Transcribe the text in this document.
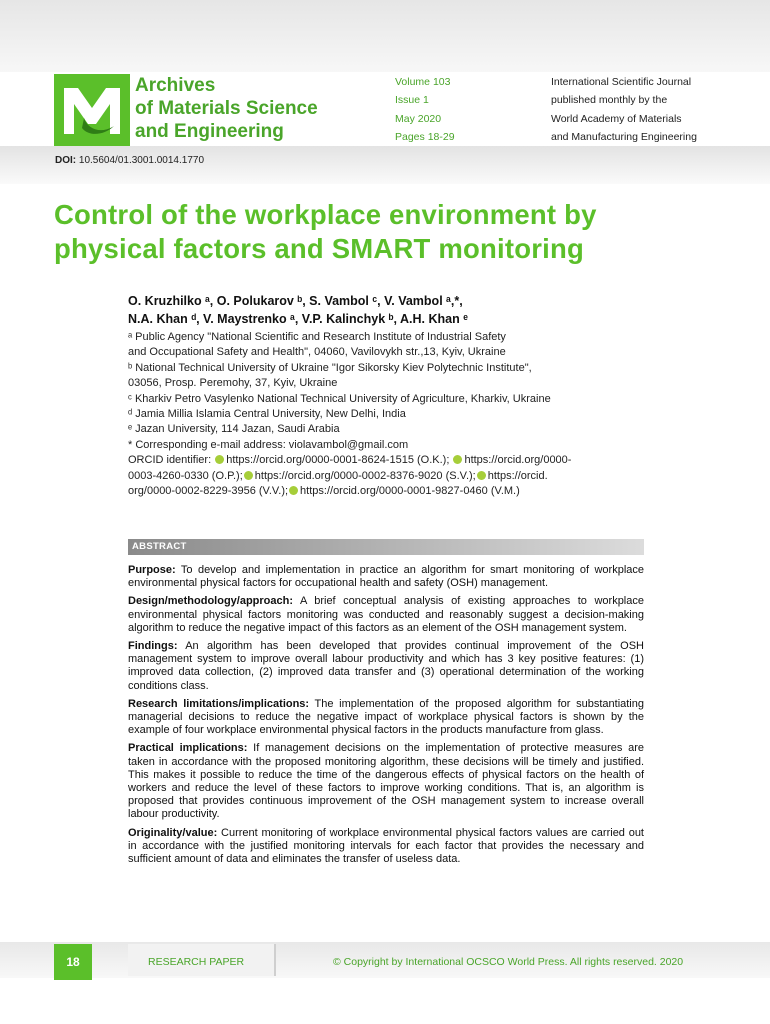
Archives
of Materials Science
and Engineering
Volume 103
Issue 1
May 2020
Pages 18-29
International Scientific Journal
published monthly by the
World Academy of Materials
and Manufacturing Engineering
DOI: 10.5604/01.3001.0014.1770
Control of the workplace environment by
physical factors and SMART monitoring
O. Kruzhilko ᵃ, O. Polukarov ᵇ, S. Vambol ᶜ, V. Vambol ᵃ,*,
N.A. Khan ᵈ, V. Maystrenko ᵃ, V.P. Kalinchyk ᵇ, A.H. Khan ᵉ
ᵃ Public Agency "National Scientific and Research Institute of Industrial Safety
and Occupational Safety and Health", 04060, Vavilovykh str.,13, Kyiv, Ukraine
ᵇ National Technical University of Ukraine "Igor Sikorsky Kiev Polytechnic Institute",
03056, Prosp. Peremohy, 37, Kyiv, Ukraine
ᶜ Kharkiv Petro Vasylenko National Technical University of Agriculture, Kharkiv, Ukraine
ᵈ Jamia Millia Islamia Central University, New Delhi, India
ᵉ Jazan University, 114 Jazan, Saudi Arabia
* Corresponding e-mail address: violavambol@gmail.com
ORCID identifier: https://orcid.org/0000-0001-8624-1515 (O.K.); https://orcid.org/0000-
0003-4260-0330 (O.P.); https://orcid.org/0000-0002-8376-9020 (S.V.); https://orcid.
org/0000-0002-8229-3956 (V.V.); https://orcid.org/0000-0001-9827-0460 (V.M.)
ABSTRACT

Purpose: To develop and implementation in practice an algorithm for smart monitoring of workplace environmental physical factors for occupational health and safety (OSH) management.

Design/methodology/approach: A brief conceptual analysis of existing approaches to workplace environmental physical factors monitoring was conducted and reasonably suggest a decision-making algorithm to reduce the negative impact of this factors as an element of the OSH management system.

Findings: An algorithm has been developed that provides continual improvement of the OSH management system to improve overall labour productivity and which has 3 key positive features: (1) improved data collection, (2) improved data transfer and (3) operational determination of the working conditions class.

Research limitations/implications: The implementation of the proposed algorithm for substantiating managerial decisions to reduce the negative impact of workplace physical factors is shown by the example of four workplace environmental physical factors in the products manufacture from glass.

Practical implications: If management decisions on the implementation of protective measures are taken in accordance with the proposed monitoring algorithm, these decisions will be timely and justified. This makes it possible to reduce the time of the dangerous effects of physical factors on the health of workers and reduce the level of these factors to improve working conditions. That is, an algorithm is proposed that provides continuous improvement of the OSH management system to increase overall labour productivity.

Originality/value: Current monitoring of workplace environmental physical factors values are carried out in accordance with the justified monitoring intervals for each factor that provides the necessary and sufficient amount of data and eliminates the transfer of useless data.

18	RESEARCH PAPER	© Copyright by International OCSCO World Press. All rights reserved. 2020
